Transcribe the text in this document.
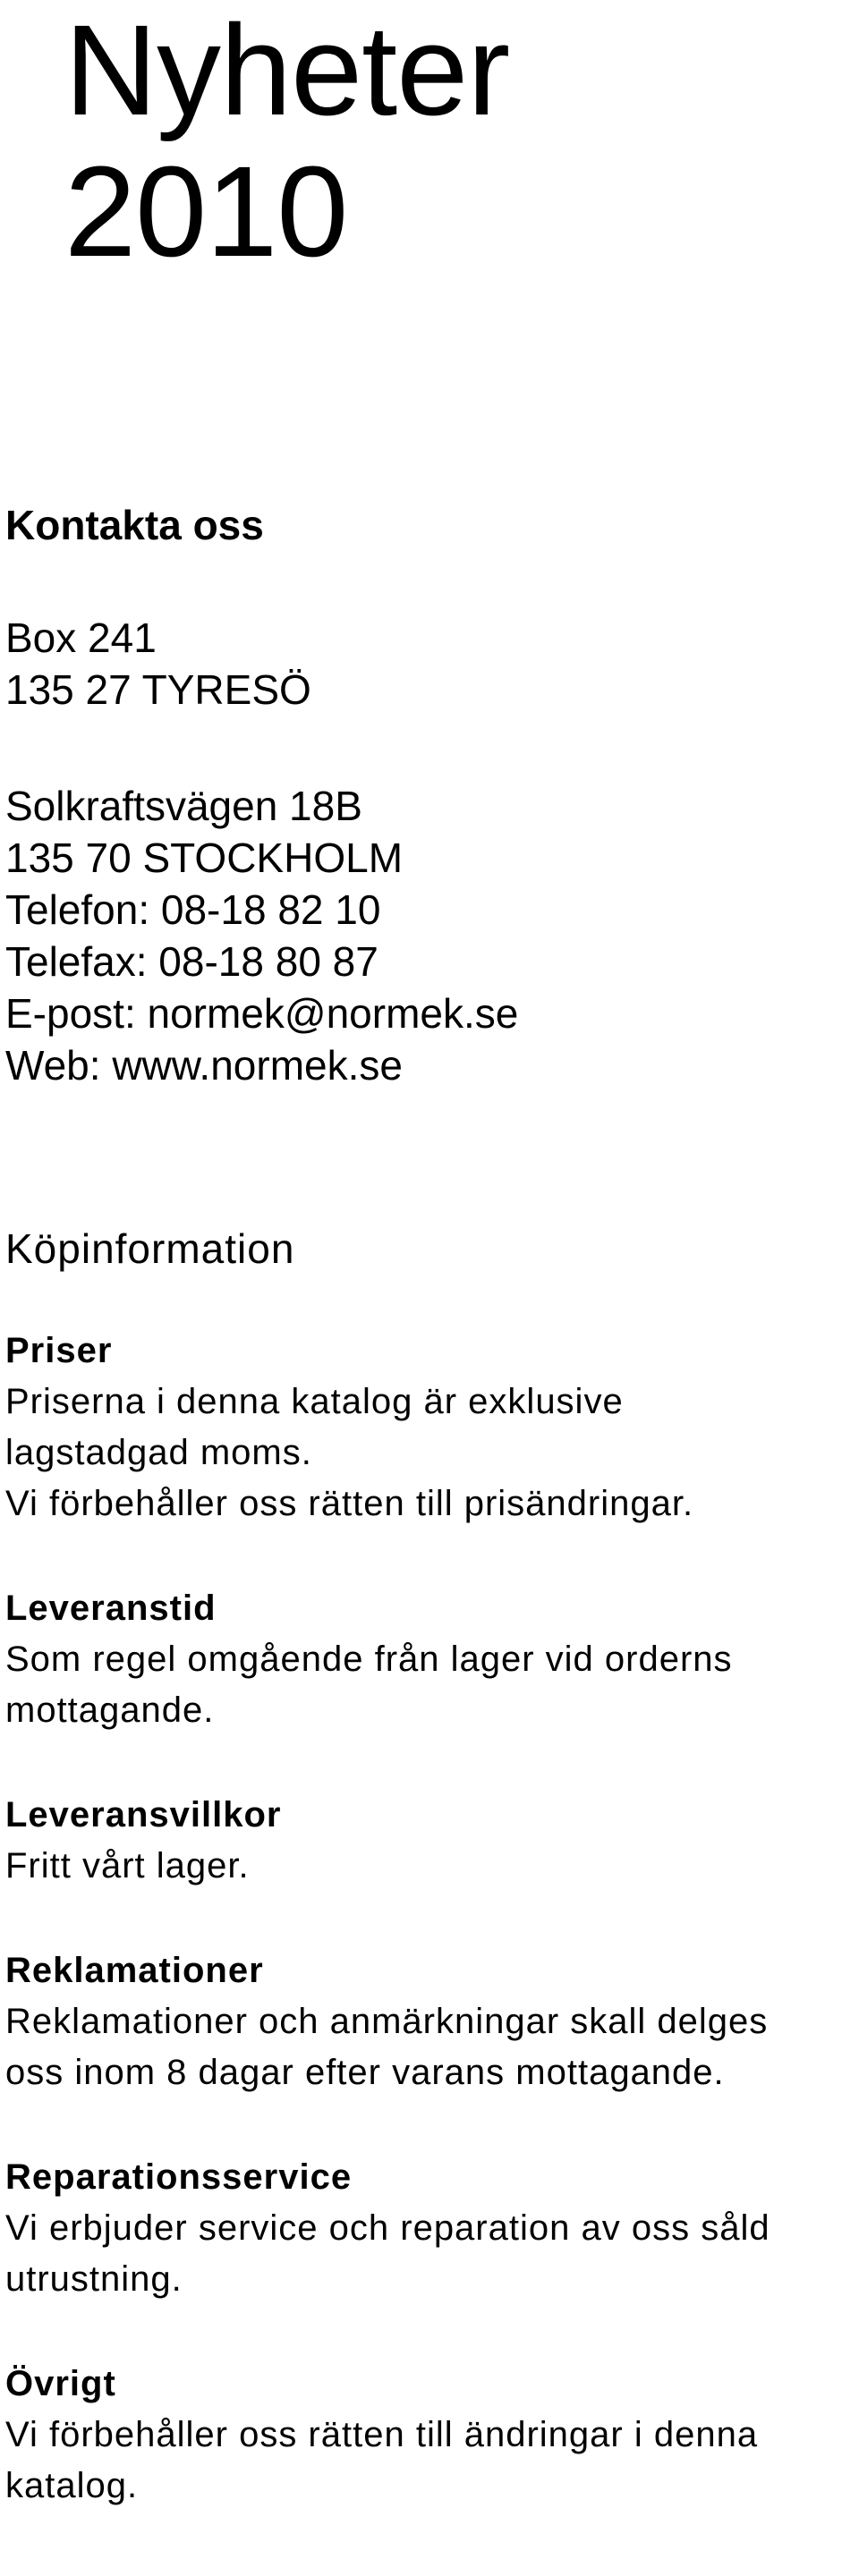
Nyheter
2010
Kontakta oss
Box 241
135 27 TYRESÖ
Solkraftsvägen 18B
135 70 STOCKHOLM
Telefon: 08-18 82 10
Telefax: 08-18 80 87
E-post: normek@normek.se
Web: www.normek.se
Köpinformation
Priser

Priserna i denna katalog är exklusive
lagstadgad moms.
Vi förbehåller oss rätten till prisändringar.

Leveranstid

Som regel omgående från lager vid orderns
mottagande.

Leveransvillkor

Fritt vårt lager.

Reklamationer

Reklamationer och anmärkningar skall delges
oss inom 8 dagar efter varans mottagande.

Reparationsservice

Vi erbjuder service och reparation av oss såld
utrustning.

Övrigt

Vi förbehåller oss rätten till ändringar i denna
katalog.
